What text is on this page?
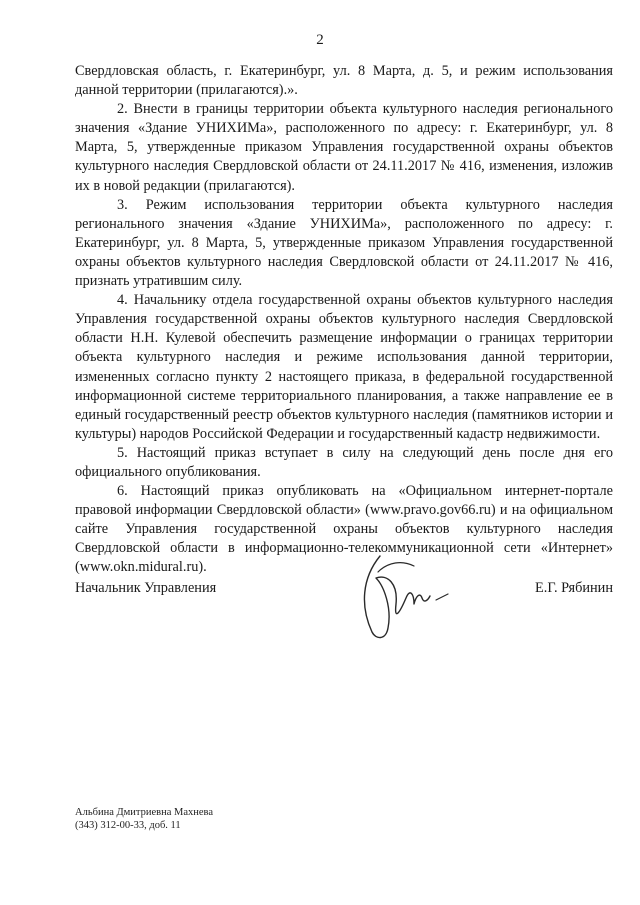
2

Свердловская область, г. Екатеринбург, ул. 8 Марта, д. 5, и режим использования данной территории (прилагаются).».

2. Внести в границы территории объекта культурного наследия регионального значения «Здание УНИХИМа», расположенного по адресу: г. Екатеринбург, ул. 8 Марта, 5, утвержденные приказом Управления государственной охраны объектов культурного наследия Свердловской области от 24.11.2017 № 416, изменения, изложив их в новой редакции (прилагаются).

3. Режим использования территории объекта культурного наследия регионального значения «Здание УНИХИМа», расположенного по адресу: г. Екатеринбург, ул. 8 Марта, 5, утвержденные приказом Управления государственной охраны объектов культурного наследия Свердловской области от 24.11.2017 № 416, признать утратившим силу.

4. Начальнику отдела государственной охраны объектов культурного наследия Управления государственной охраны объектов культурного наследия Свердловской области Н.Н. Кулевой обеспечить размещение информации о границах территории объекта культурного наследия и режиме использования данной территории, измененных согласно пункту 2 настоящего приказа, в федеральной государственной информационной системе территориального планирования, а также направление ее в единый государственный реестр объектов культурного наследия (памятников истории и культуры) народов Российской Федерации и государственный кадастр недвижимости.

5. Настоящий приказ вступает в силу на следующий день после дня его официального опубликования.

6. Настоящий приказ опубликовать на «Официальном интернет-портале правовой информации Свердловской области» (www.pravo.gov66.ru) и на официальном сайте Управления государственной охраны объектов культурного наследия Свердловской области в информационно-телекоммуникационной сети «Интернет» (www.okn.midural.ru).

Начальник Управления	Е.Г. Рябинин
Альбина Дмитриевна Махнева
(343) 312-00-33, доб. 11
